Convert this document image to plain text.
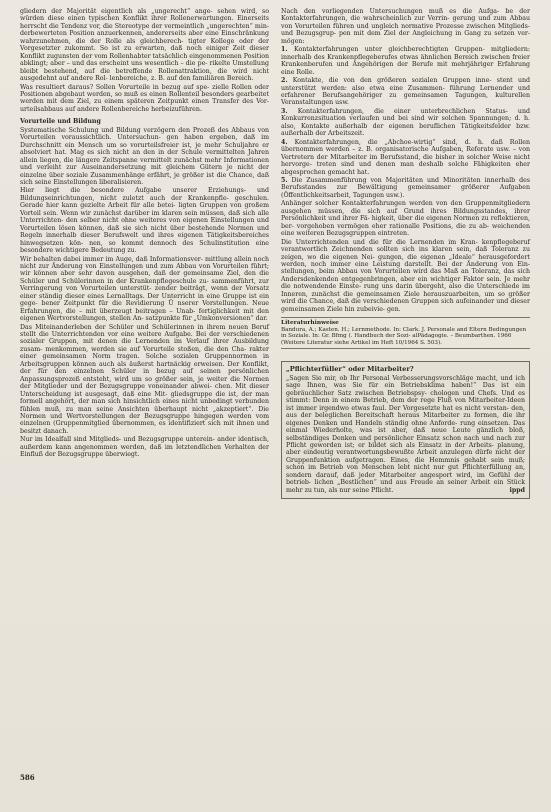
gliedern der Majorität eigentlich als „ungerecht“ ange- sehen wird, so würden diese einen typischen Konflikt ihrer Rollenerwartungen. Einerseits herrscht die Tendenz vor, die Stereotype der vermeintlich „ungerechten“ min- derbewerteten Position anzuerkennen, andererseits aber eine Einschränkung wahrzunehmen, die der Rolle als gleichberech- tigter Kollege oder der Vorgesetzter zukommt. So ist zu erwarten, daß noch einiger Zeit dieser Konflikt zugunsten der vom Rollenhabter tatsächlich eingenommenen Position abklingt; aber – und das erscheint uns wesentlich – die pe- rikelte Umstellung bleibt bestehend, auf die betreffende Rollenattraktion, die wird nicht ausgedehnt auf andere Rol- lenbereiche, z. B. auf den familiären Bereich.

Was resultiert daraus? Sollen Vorurteile in bezug auf spe- zielle Rollen oder Positionen abgebaut werden, so muß es einen Rollenteil besonders gearbeitet werden mit dem Ziel, zu einem späteren Zeitpunkt einen Transfer des Vor- urteilsabbaus auf andere Rollenbereiche herbeizuführen.

Vorurteile und Bildung

Systematische Schulung und Bildung verzögern den Prozeß des Abbaus von Vorurteilen voraussichtlich. Untersuchun- gen haben ergeben, daß im Durchschnitt ein Mensch um so vorurteilsfreier ist, je mehr Schuljahre er absolviert hat. Mag es sich nicht an den in der Schule vermittelten Jahren allein liegen, die längere Zeitspanne vermittelt zunächst mehr Informationen und verleiht zur Auseinandersetzung mit gleichem Gütern je nicht der einzelne über soziale Zusammenhänge erfährt, je größer ist die Chance, daß sich seine Einstellungen liberalisieren.

Hier liegt die besondere Aufgabe unserer Erziehungs- und Bildungseinrichtungen, nicht zuletzt auch der Krankenpfle- geschulen. Gerade hier kann gezielte Arbeit für alle betei- ligten Gruppen von großem Vorteil sein. Wenn wir zunächst darüber im klaren sein müssen, daß sich alle Unterrichten- den selber nicht ohne weiteres von eigenen Einstellungen und Vorurteilen lösen können, daß sie sich nicht über bestehende Normen und Regeln innerhalb dieser Berufswelt und ihres eigenen Tätigkeitsbereiches hinwegsetzen kön- nen, so kommt dennoch des Schulinstitution eine besondere wichtigere Bedeutung zu.

Wir behalten dabei immer im Auge, daß Informationsver- mittlung allein noch nicht zur Änderung von Einstellungen und zum Abbau von Vorurteilen führt; wir können aber sehr davon ausgehen, daß der gemeinsame Ziel, den die Schüler und Schülerinnen in der Krankenpflegeschule zu- sammenführt, zur Verringerung von Vorurteilen unterstüt- zender beiträgt, wenn der Vorsatz einer ständig dieser eines Lernalltags. Der Unterricht in eine Gruppe ist ein gege- bener Zeitpunkt für die Revidierung Ü nserer Vorstellungen. Neue Erfahrungen, die – mit überzeugt beitragen – Unab- fertiglichkeit mit den eigenen Wertvorstellungen, stellen An- satzpunkte für „Umkonversionen“ dar.

Das Miteinanderleben der Schüler und Schülerinnen in ihrem neuen Beruf stellt die Unterrichtenden vor eine weitere Aufgabe. Bei der verschiedenen sozialer Gruppen, mit denen die Lernenden im Verlauf ihrer Ausbildung zusam- menkommen, werden sie auf Vorurteile stoßen, die den Cha- rakter einer gemeinsamen Norm tragen. Solche sozialen Gruppennormen in Arbeitsgruppen können auch als äußerst hartnäckig erweisen. Der Konflikt, der für den einzelnen Schüler in bezug auf seinen persönlichen Anpassungsprozeß entsteht, wird um so größer sein, je weiter die Normen der Mitglieder und der Bezugsgruppe voneinander abwei- chen. Mit dieser Unterscheidung ist ausgesagt, daß eine Mit- gliedsgruppe die ist, der man formell angehört, der man sich hinsichtlich eines nicht unbedingt verbunden fühlen muß, zu man seine Ansichten überhaupt nicht „akzeptiert“. Die Normen und Wertvorstellungen der Bezugsgruppe hingegen werden vom einzelnen (Gruppenmitglied übernommen, es identifiziert sich mit ihnen und besitzt danach.

Nur im Idealfall sind Mitglieds- und Bezugsgruppe unterein- ander identisch, außerdem kann angenommen werden, daß im letztendlichen Verhalten der Einfluß der Bezugsgruppe überwiegt.

Nach den vorliegenden Untersuchungen muß es die Aufga- be der Kontakterfahrungen, die wahrscheinlich zur Verrin- gerung und zum Abbau von Vorurteilen führen und ungleich normative Prozesse zwischen Mitglieds- und Bezugsgrup- pen mit dem Ziel der Angleichung in Gang zu setzen ver- mögen:

1. Kontakterfahrungen unter gleichberechtigten Gruppen- mitgliedern: innerhalb des Krankenpflegeberufes etwas ähnlichen Bereich zwischen freier Krankenberufen und Angehörigen der Berufe mit mehrjähriger Erfahrung eine Rolle.

2. Kontakte, die von den größeren sozialen Gruppen inne- stent und unterstützt werden: also etwa eine Zusammen- führung Lernender und erfahrener Berufsangehöriger zu gemeinsamen Tagungen, kulturellen Veranstaltungen usw.

3. Kontakterfahrungen, die einer unterbrechlichen Status- und Konkurrenzsituation verlaufen und bei sind wir solchen Spannungen; d. h. also, Kontakte außerhalb der eigenen beruflichen Tätigkeitsfelder bzw. außerhalb der Arbeitszeit.

4. Kontakterfahrungen, die „Abchoe-wirtig“ sind, d. h. daß Rollen übernommen werden – z. B. organisatorische Aufgaben, Referate usw. – von Vertretern der Mitarbeiter im Berufsstand, die bisher in solcher Weise nicht hervorge- treten sind und denen man deshalb solche Fähigkeiten eher abgesprochen gemacht hat.

5. Die Zusammenführung von Majoritäten und Minoritäten innerhalb des Berufsstandes zur Bewältigung gemeinsamer größerer Aufgaben (Öffentlichkeitsarbeit, Tagungen usw.).

Anhänger solcher Kontakterfahrungen werden von den Gruppenmitgliedern ausgehen müssen, die sich auf Grund ihres Bildungsstandes, ihrer Persönlichkeit und ihrer Fä- higkeit, über die eigenen Normen zu reflektieren, ber- vorgehoben vermögen eher rationalle Positions, die zu ab- weichenden eine weiteren Bezugsgruppen eintreten.

Die Unterrichtenden und die für die Lernenden im Kran- kenpflegeberuf verantwortlich Zeichnenden sollten sich ins klaren sein, daß Toleranz zu zeigen, wo die eigenen Nei- gungen, die eigenen „Ideale“ herausgefordert werden, noch immer eine Leistung darstellt. Bei der Änderung von Ein- stellungen, beim Abbau von Vorurteilen wird das Maß an Toleranz, das sich Andersdenkenden entgegenbringen, aber ein wichtiger Faktor sein. Je mehr die notwendende Einste- rung uns darin übergeht, also die Unterschiede im Inneren, zunächst die gemeinsamen Ziele herauszuarbeiten, um so größer wird die Chance, daß die verschiedenen Gruppen sich aufeinander und dieser gemeinsamen Ziele hin zubeivie- gen.

Literaturhinweise
Bandura, A.; Kasten. H.; Lernmethode. In: Clark. J. Personale and Eltern Bedingungen in Soziale. In: Gr. Bfmg (. Handbuch der Sozi- alPädagogie. – Beumbarthen. 1966 (Weitere Literatur siehe Artikel im Heft 10/1964 S. 503).
„Pflichterfüller“ oder Mitarbeiter?

„Sagen Sie mir, ob Ihr Personal Verbesserungsvorschläge macht, und ich sage Ihnen, was Sie für ein Betriebsklima haben!“ Das ist ein gebräuchlicher Satz zwischen Betriebspsy- chologen und Chefs. Und es stimmt: Denn in einem Betrieb, dem der rege Fluß von Mitarbeiter-Ideen ist immer irgendwo etwas faul. Der Vorgesetzte hat es nicht verstan- den, aus der beleglichen Bereitschaft heraus Mitarbeiter zu formen, die ihr eigenes Denken und Handeln ständig ohne Anforde- rung einsetzen. Das einmal Wiederholte, was ist aber, daß neue Leute gänzlich bloß, selbständiges Denken und persönlicher Einsatz schon nach und nach zur Pflicht geworden ist; er bildet sich als Einsatz in der Arbeits- planung, aber eindeutig verantwortungsbewußte Arbeit anzulegen dürfe nicht der Gruppenfunktion aufgetragen. Eines, die Hemmnis gehabt sein muß; schon im Betrieb von Menschen lebt nicht nur gut Pflichterfüllung an, sondern darauf, daß jeder Mitarbeiter angesport wird, im Gefühl der betrieb- lichen „Bestlichen“ und aus Freude an seiner Arbeit ein Stück mehr zu tun, als nur seine Pflicht.	ippd

586
